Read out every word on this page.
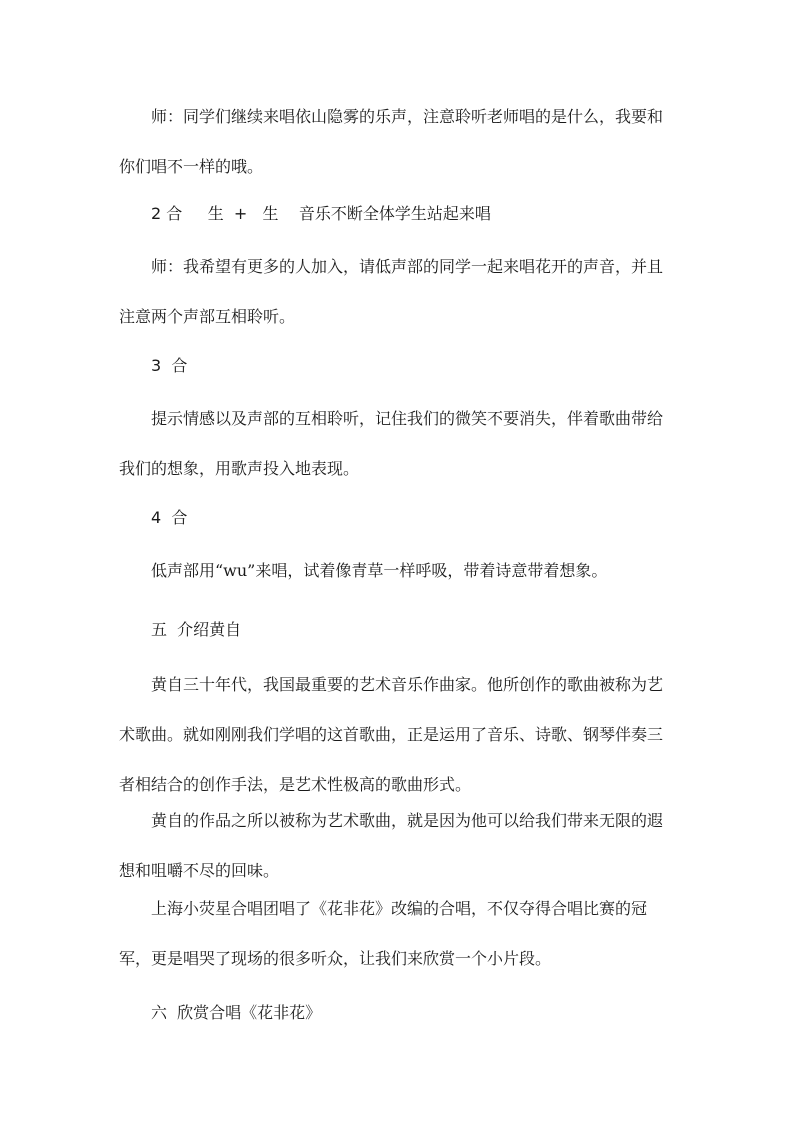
师：同学们继续来唱依山隐雾的乐声，注意聆听老师唱的是什么，我要和你们唱不一样的哦。

2 合     生  +   生    音乐不断全体学生站起来唱

师：我希望有更多的人加入，请低声部的同学一起来唱花开的声音，并且注意两个声部互相聆听。

3  合

提示情感以及声部的互相聆听，记住我们的微笑不要消失，伴着歌曲带给我们的想象，用歌声投入地表现。

4  合

低声部用“wu”来唱，试着像青草一样呼吸，带着诗意带着想象。

五  介绍黄自

黄自三十年代，我国最重要的艺术音乐作曲家。他所创作的歌曲被称为艺术歌曲。就如刚刚我们学唱的这首歌曲，正是运用了音乐、诗歌、钢琴伴奏三者相结合的创作手法，是艺术性极高的歌曲形式。

黄自的作品之所以被称为艺术歌曲，就是因为他可以给我们带来无限的遐想和咀嚼不尽的回味。

上海小荧星合唱团唱了《花非花》改编的合唱，不仅夺得合唱比赛的冠军，更是唱哭了现场的很多听众，让我们来欣赏一个小片段。

六  欣赏合唱《花非花》
